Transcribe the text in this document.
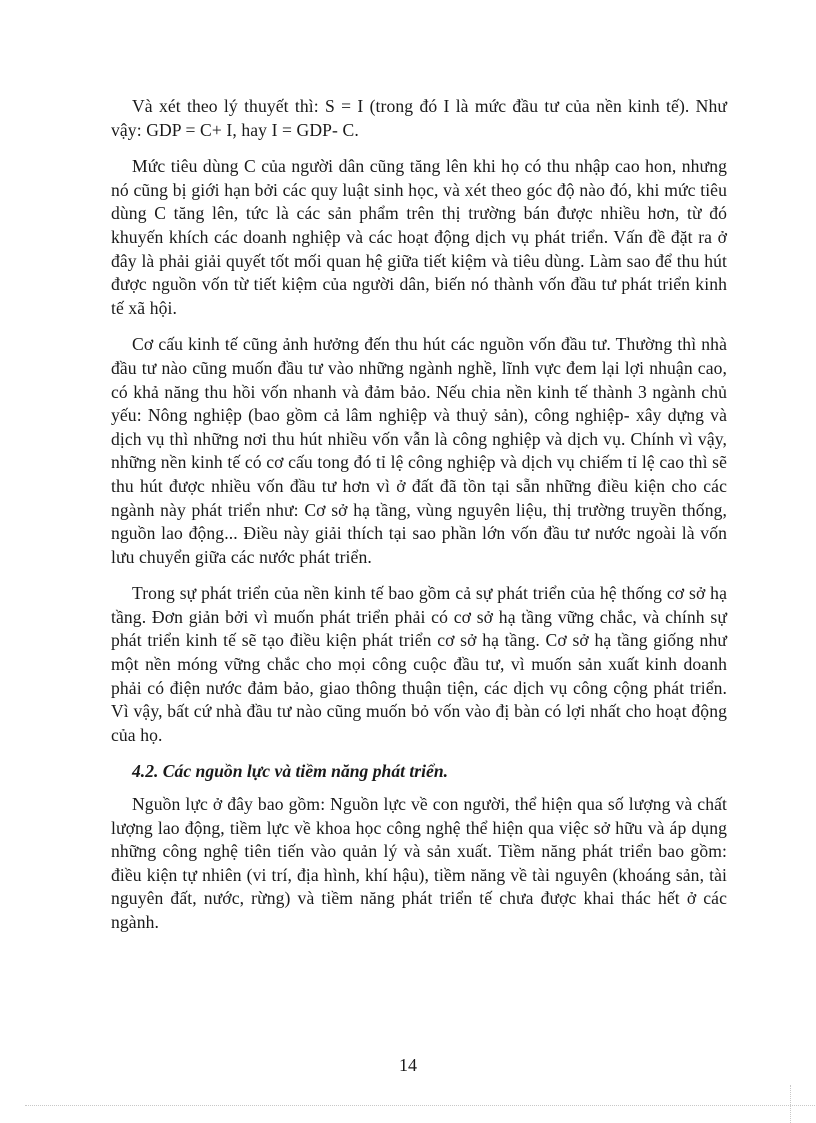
Và xét theo lý thuyết thì: S = I (trong đó I là mức đầu tư của nền kinh tế). Như vậy: GDP = C+ I, hay I = GDP- C.

Mức tiêu dùng C của người dân cũng tăng lên khi họ có thu nhập cao hon, nhưng nó cũng bị giới hạn bởi các quy luật sinh học, và xét theo góc độ nào đó, khi mức tiêu dùng C tăng lên, tức là các sản phẩm trên thị trường bán được nhiều hơn, từ đó khuyến khích các doanh nghiệp và các hoạt động dịch vụ phát triển. Vấn đề đặt ra ở đây là phải giải quyết tốt mối quan hệ giữa tiết kiệm và tiêu dùng. Làm sao để thu hút được nguồn vốn từ tiết kiệm của người dân, biến nó thành vốn đầu tư phát triển kinh tế xã hội.

Cơ cấu kinh tế cũng ảnh hưởng đến thu hút các nguồn vốn đầu tư. Thường thì nhà đầu tư nào cũng muốn đầu tư vào những ngành nghề, lĩnh vực đem lại lợi nhuận cao, có khả năng thu hồi vốn nhanh và đảm bảo. Nếu chia nền kinh tế thành 3 ngành chủ yếu: Nông nghiệp (bao gồm cả lâm nghiệp và thuỷ sản), công nghiệp- xây dựng và dịch vụ thì những nơi thu hút nhiều vốn vẫn là công nghiệp và dịch vụ. Chính vì vậy, những nền kinh tế có cơ cấu tong đó tỉ lệ công nghiệp và dịch vụ chiếm tỉ lệ cao thì sẽ thu hút được nhiều vốn đầu tư hơn vì ở đất đã tồn tại sẵn những điều kiện cho các ngành này phát triển như: Cơ sở hạ tầng, vùng nguyên liệu, thị trường truyền thống, nguồn lao động... Điều này giải thích tại sao phần lớn vốn đầu tư nước ngoài là vốn lưu chuyển giữa các nước phát triển.

Trong sự phát triển của nền kinh tế bao gồm cả sự phát triển của hệ thống cơ sở hạ tầng. Đơn giản bởi vì muốn phát triển phải có cơ sở hạ tầng vững chắc, và chính sự phát triển kinh tế sẽ tạo điều kiện phát triển cơ sở hạ tầng. Cơ sở hạ tầng giống như một nền móng vững chắc cho mọi công cuộc đầu tư, vì muốn sản xuất kinh doanh phải có điện nước đảm bảo, giao thông thuận tiện, các dịch vụ công cộng phát triển. Vì vậy, bất cứ nhà đầu tư nào cũng muốn bỏ vốn vào đị bàn có lợi nhất cho hoạt động của họ.

4.2. Các nguồn lực và tiềm năng phát triển.

Nguồn lực ở đây bao gồm: Nguồn lực về con người, thể hiện qua số lượng và chất lượng lao động, tiềm lực về khoa học công nghệ thể hiện qua việc sở hữu và áp dụng những công nghệ tiên tiến vào quản lý và sản xuất. Tiềm năng phát triển bao gồm: điều kiện tự nhiên (vi trí, địa hình, khí hậu), tiềm năng về tài nguyên (khoáng sản, tài nguyên đất, nước, rừng) và tiềm năng phát triển tế chưa được khai thác hết ở các ngành.

14
